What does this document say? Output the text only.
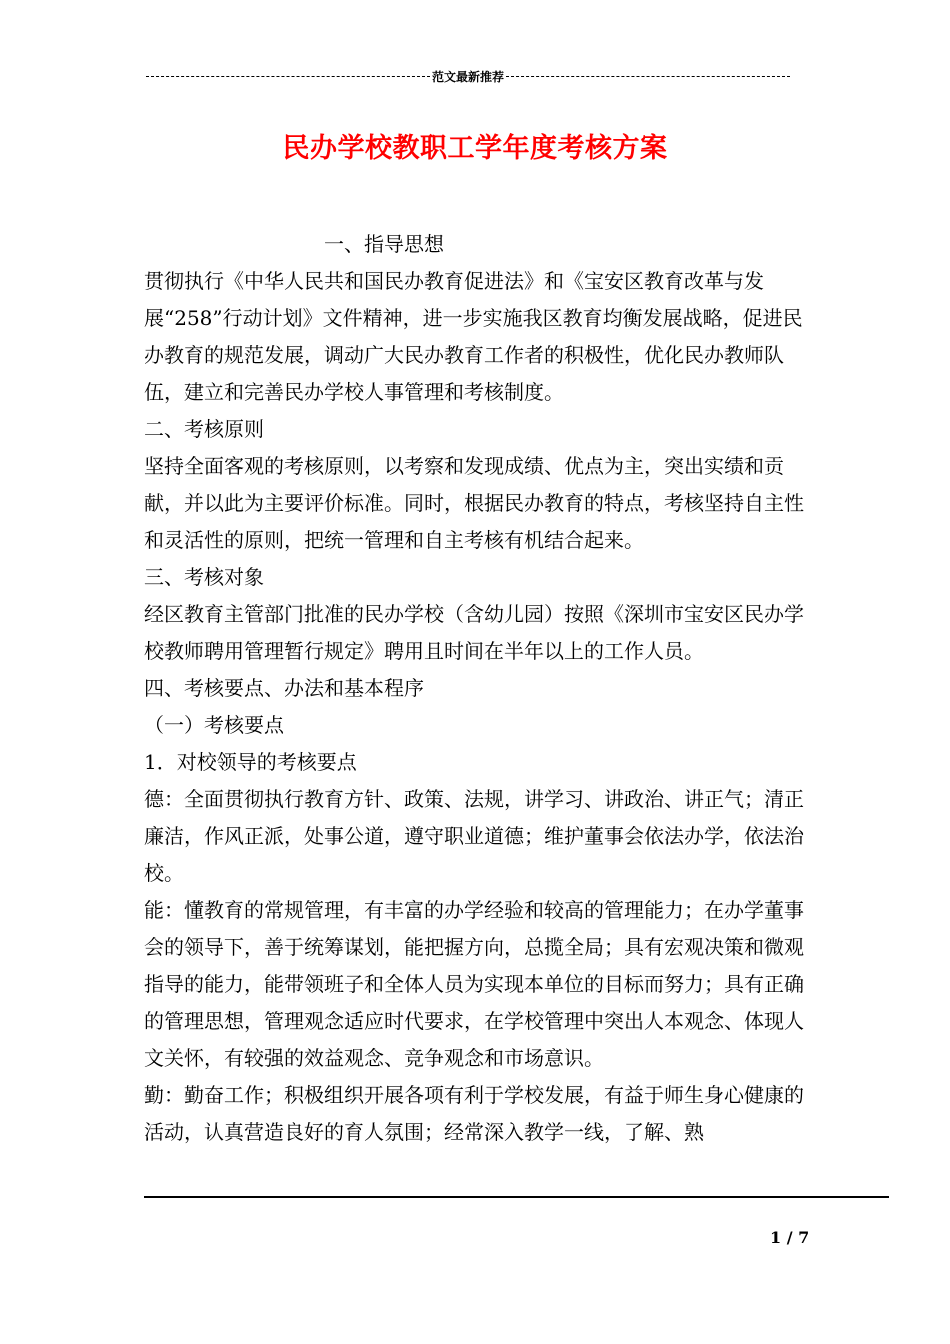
范文最新推荐
民办学校教职工学年度考核方案

一、指导思想

贯彻执行《中华人民共和国民办教育促进法》和《宝安区教育改革与发展“258”行动计划》文件精神，进一步实施我区教育均衡发展战略，促进民办教育的规范发展，调动广大民办教育工作者的积极性，优化民办教师队伍，建立和完善民办学校人事管理和考核制度。

二、考核原则

坚持全面客观的考核原则，以考察和发现成绩、优点为主，突出实绩和贡献，并以此为主要评价标准。同时，根据民办教育的特点，考核坚持自主性和灵活性的原则，把统一管理和自主考核有机结合起来。

三、考核对象

经区教育主管部门批准的民办学校（含幼儿园）按照《深圳市宝安区民办学校教师聘用管理暂行规定》聘用且时间在半年以上的工作人员。

四、考核要点、办法和基本程序

（一）考核要点

1．对校领导的考核要点

德：全面贯彻执行教育方针、政策、法规，讲学习、讲政治、讲正气；清正廉洁，作风正派，处事公道，遵守职业道德；维护董事会依法办学，依法治校。

能：懂教育的常规管理，有丰富的办学经验和较高的管理能力；在办学董事会的领导下，善于统筹谋划，能把握方向，总揽全局；具有宏观决策和微观指导的能力，能带领班子和全体人员为实现本单位的目标而努力；具有正确的管理思想，管理观念适应时代要求，在学校管理中突出人本观念、体现人文关怀，有较强的效益观念、竞争观念和市场意识。

勤：勤奋工作；积极组织开展各项有利于学校发展，有益于师生身心健康的活动，认真营造良好的育人氛围；经常深入教学一线，了解、熟

1 / 7
